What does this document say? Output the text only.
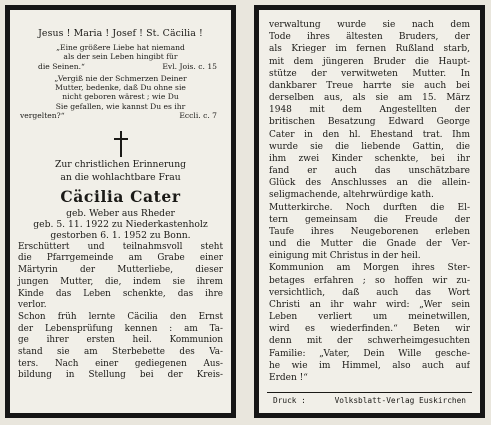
Jesus ! Maria ! Josef ! St. Cäcilia !
„Eine größere Liebe hat niemand
als der sein Leben hingibt für
die Seinen.“	Evl. Jois. c. 15
„Vergiß nie der Schmerzen Deiner
Mutter, bedenke, daß Du ohne sie
nicht geboren wärest ; wie Du
Sie gefallen, wie kannst Du es ihr
vergelten?“	Eccli. c. 7
Zur christlichen Erinnerung
an die wohlachtbare Frau
Cäcilia Cater
geb. Weber aus Rheder
geb. 5. 11. 1922 zu Niederkastenholz
gestorben 6. 1. 1952 zu Bonn.
Erschüttert und teilnahmsvoll steht
die Pfarrgemeinde am Grabe einer
Märtyrin der Mutterliebe, dieser
jungen Mutter, die, indem sie ihrem
Kinde das Leben schenkte, das ihre
verlor.
Schon früh lernte Cäcilia den Ernst
der Lebensprüfung kennen : am Ta-
ge ihrer ersten heil. Kommunion
stand sie am Sterbebette des Va-
ters. Nach einer gediegenen Aus-
bildung in Stellung bei der Kreis-
verwaltung wurde sie nach dem
Tode ihres ältesten Bruders, der
als Krieger im fernen Rußland starb,
mit dem jüngeren Bruder die Haupt-
stütze der verwitweten Mutter. In
dankbarer Treue harrte sie auch bei
derselben aus, als sie am 15. März
1948 mit dem Angestellten der
britischen Besatzung Edward George
Cater in den hl. Ehestand trat. Ihm
wurde sie die liebende Gattin, die
ihm zwei Kinder schenkte, bei ihr
fand er auch das unschätzbare
Glück des Anschlusses an die allein-
seligmachende, altehrwürdige kath.
Mutterkirche. Noch durften die El-
tern gemeinsam die Freude der
Taufe ihres Neugeborenen erleben
und die Mutter die Gnade der Ver-
einigung mit Christus in der heil.
Kommunion am Morgen ihres Ster-
betages erfahren ; so hoffen wir zu-
versichtlich, daß auch das Wort
Christi an ihr wahr wird: „Wer sein
Leben verliert um meinetwillen,
wird es wiederfinden.“ Beten wir
denn mit der schwerheimgesuchten
Familie: „Vater, Dein Wille gesche-
he wie im Himmel, also auch auf
Erden !“
Druck :	Volksblatt-Verlag Euskirchen
